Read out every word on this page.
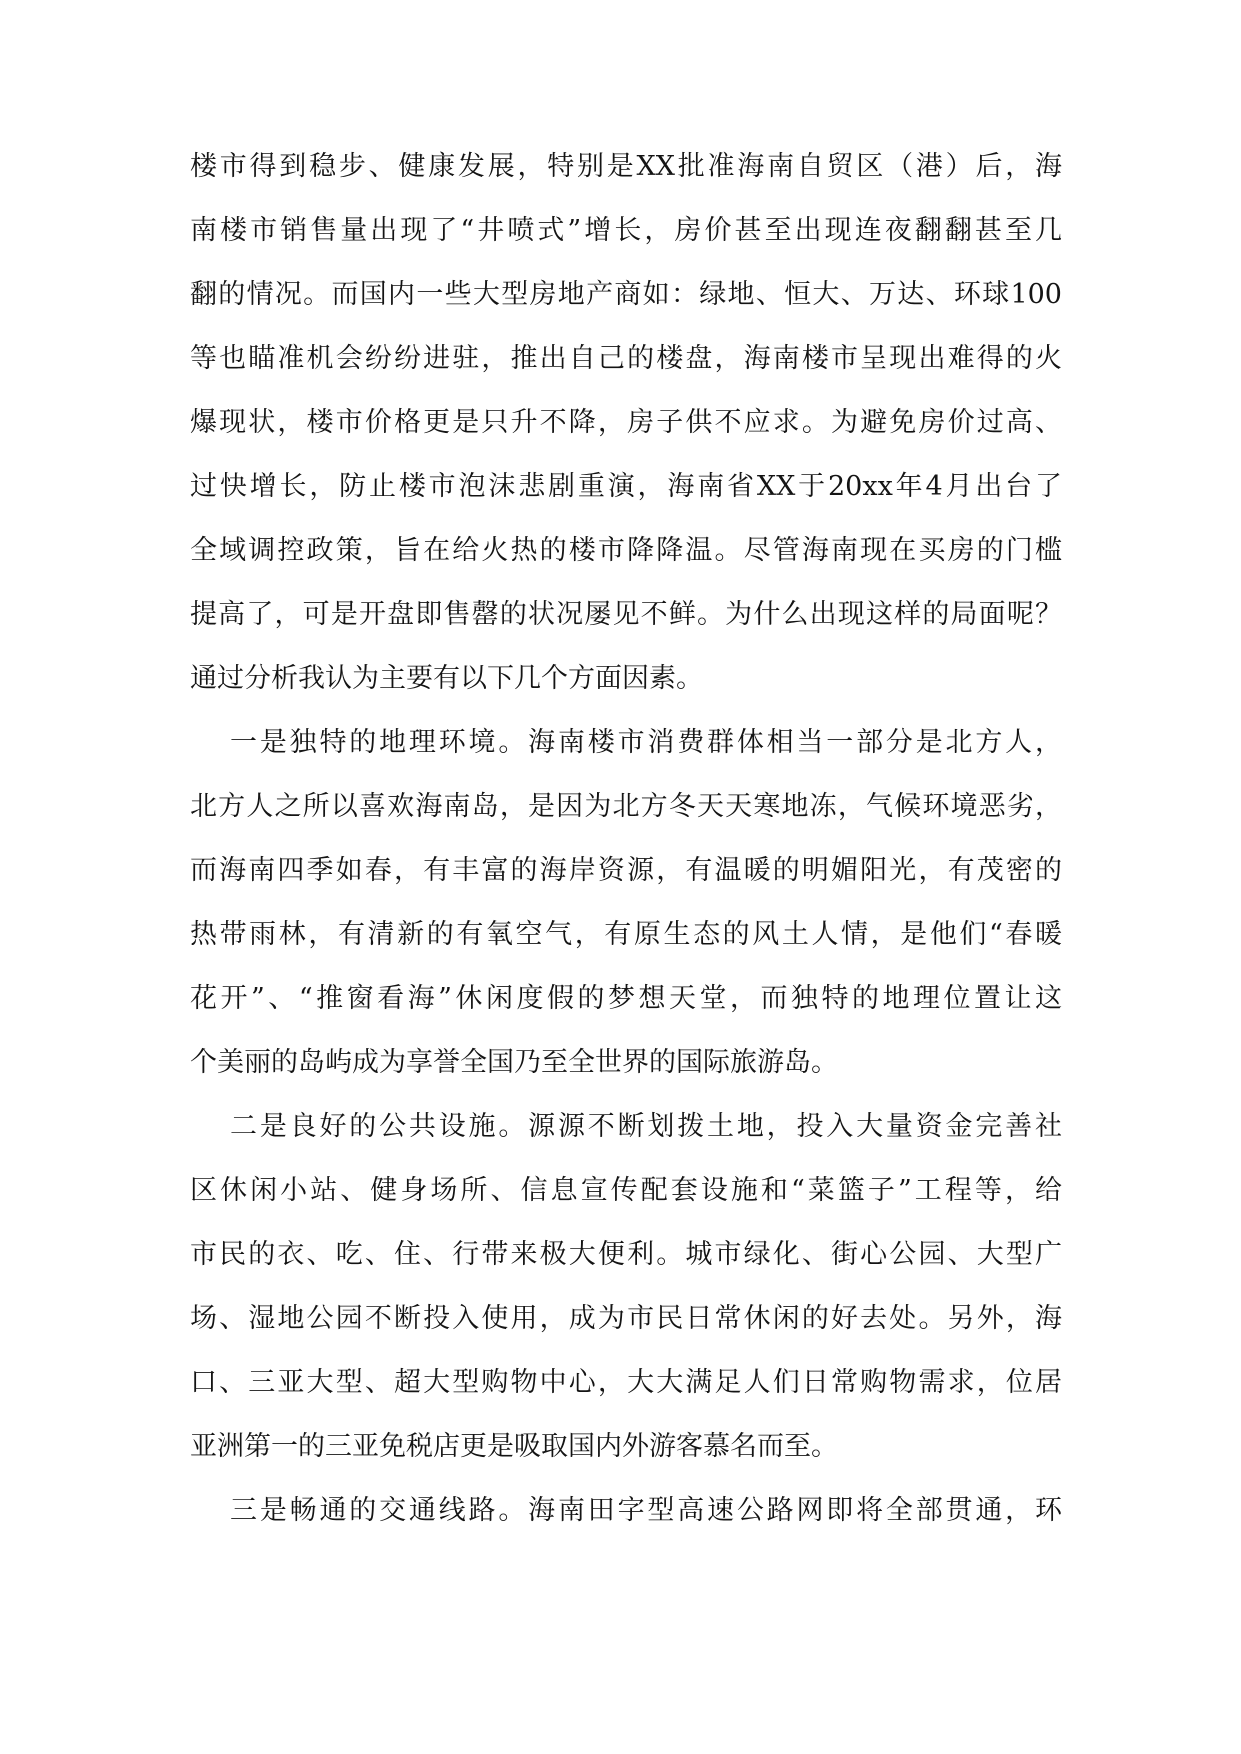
楼市得到稳步、健康发展，特别是XX批准海南自贸区（港）后，海
南楼市销售量出现了“井喷式”增长，房价甚至出现连夜翻翻甚至几
翻的情况。而国内一些大型房地产商如：绿地、恒大、万达、环球100
等也瞄准机会纷纷进驻，推出自己的楼盘，海南楼市呈现出难得的火
爆现状，楼市价格更是只升不降，房子供不应求。为避免房价过高、
过快增长，防止楼市泡沫悲剧重演，海南省XX于20xx年4月出台了
全域调控政策，旨在给火热的楼市降降温。尽管海南现在买房的门槛
提高了，可是开盘即售罄的状况屡见不鲜。为什么出现这样的局面呢？
通过分析我认为主要有以下几个方面因素。
一是独特的地理环境。海南楼市消费群体相当一部分是北方人，
北方人之所以喜欢海南岛，是因为北方冬天天寒地冻，气候环境恶劣，
而海南四季如春，有丰富的海岸资源，有温暖的明媚阳光，有茂密的
热带雨林，有清新的有氧空气，有原生态的风土人情，是他们“春暖
花开”、“推窗看海”休闲度假的梦想天堂，而独特的地理位置让这
个美丽的岛屿成为享誉全国乃至全世界的国际旅游岛。
二是良好的公共设施。源源不断划拨土地，投入大量资金完善社
区休闲小站、健身场所、信息宣传配套设施和“菜篮子”工程等，给
市民的衣、吃、住、行带来极大便利。城市绿化、街心公园、大型广
场、湿地公园不断投入使用，成为市民日常休闲的好去处。另外，海
口、三亚大型、超大型购物中心，大大满足人们日常购物需求，位居
亚洲第一的三亚免税店更是吸取国内外游客慕名而至。
三是畅通的交通线路。海南田字型高速公路网即将全部贯通，环
